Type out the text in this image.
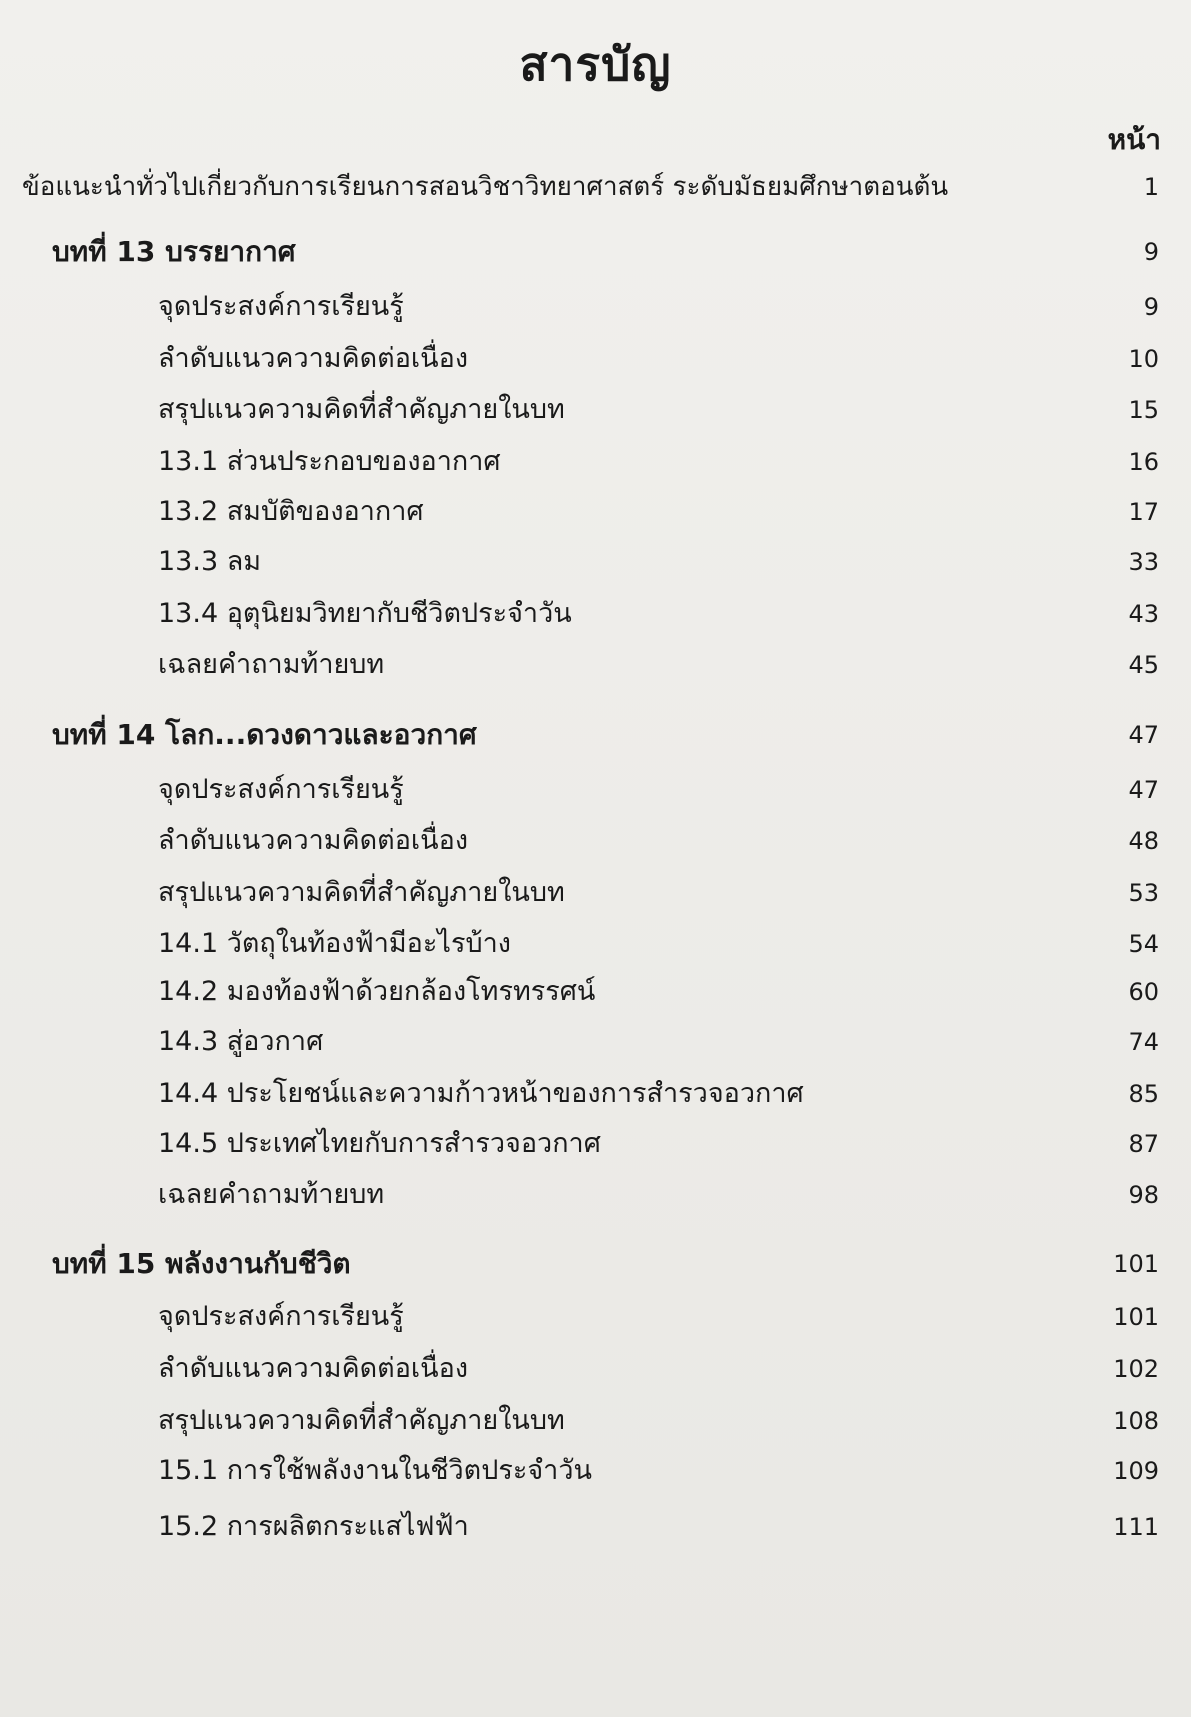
สารบัญ
หน้า
ข้อแนะนำทั่วไปเกี่ยวกับการเรียนการสอนวิชาวิทยาศาสตร์ ระดับมัธยมศึกษาตอนต้น	1
บทที่ 13 บรรยากาศ	9
จุดประสงค์การเรียนรู้	9
ลำดับแนวความคิดต่อเนื่อง	10
สรุปแนวความคิดที่สำคัญภายในบท	15
13.1 ส่วนประกอบของอากาศ	16
13.2 สมบัติของอากาศ	17
13.3 ลม	33
13.4 อุตุนิยมวิทยากับชีวิตประจำวัน	43
เฉลยคำถามท้ายบท	45
บทที่ 14 โลก...ดวงดาวและอวกาศ	47
จุดประสงค์การเรียนรู้	47
ลำดับแนวความคิดต่อเนื่อง	48
สรุปแนวความคิดที่สำคัญภายในบท	53
14.1 วัตถุในท้องฟ้ามีอะไรบ้าง	54
14.2 มองท้องฟ้าด้วยกล้องโทรทรรศน์	60
14.3 สู่อวกาศ	74
14.4 ประโยชน์และความก้าวหน้าของการสำรวจอวกาศ	85
14.5 ประเทศไทยกับการสำรวจอวกาศ	87
เฉลยคำถามท้ายบท	98
บทที่ 15 พลังงานกับชีวิต	101
จุดประสงค์การเรียนรู้	101
ลำดับแนวความคิดต่อเนื่อง	102
สรุปแนวความคิดที่สำคัญภายในบท	108
15.1 การใช้พลังงานในชีวิตประจำวัน	109
15.2 การผลิตกระแสไฟฟ้า	111
